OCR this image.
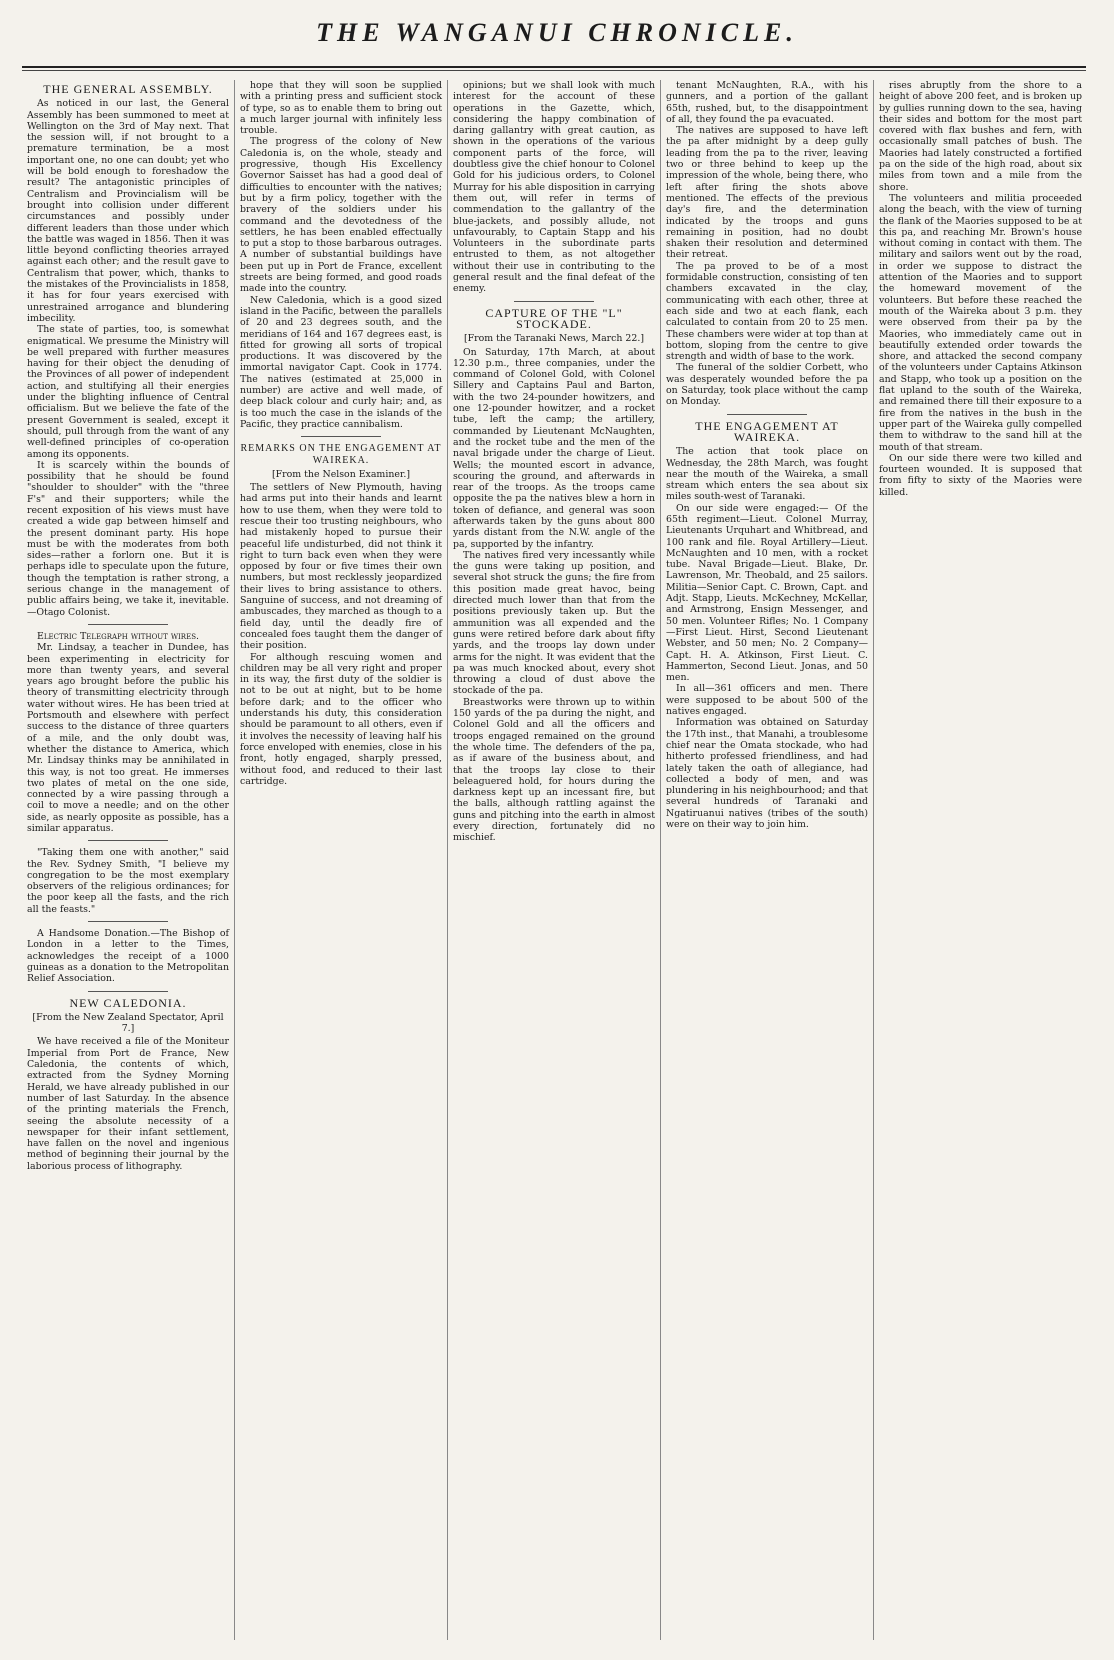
THE WANGANUI CHRONICLE.
THE GENERAL ASSEMBLY.

As noticed in our last, the General Assembly has been summoned to meet at Wellington on the 3rd of May next. That the session will, if not brought to a premature termination, be a most important one, no one can doubt; yet who will be bold enough to foreshadow the result? The antagonistic principles of Centralism and Provincialism will be brought into collision under different circumstances and possibly under different leaders than those under which the battle was waged in 1856. Then it was little beyond conflicting theories arrayed against each other; and the result gave to Centralism that power, which, thanks to the mistakes of the Provincialists in 1858, it has for four years exercised with unrestrained arrogance and blundering imbecility.

The state of parties, too, is somewhat enigmatical. We presume the Ministry will be well prepared with further measures having for their object the denuding of the Provinces of all power of independent action, and stultifying all their energies under the blighting influence of Central officialism. But we believe the fate of the present Government is sealed, except it should, pull through from the want of any well-defined principles of co-operation among its opponents.

It is scarcely within the bounds of possibility that he should be found "shoulder to shoulder" with the "three F's" and their supporters; while the recent exposition of his views must have created a wide gap between himself and the present dominant party. His hope must be with the moderates from both sides—rather a forlorn one. But it is perhaps idle to speculate upon the future, though the temptation is rather strong, a serious change in the management of public affairs being, we take it, inevitable.—Otago Colonist.

Electric Telegraph without wires.

Mr. Lindsay, a teacher in Dundee, has been experimenting in electricity for more than twenty years, and several years ago brought before the public his theory of transmitting electricity through water without wires. He has been tried at Portsmouth and elsewhere with perfect success to the distance of three quarters of a mile, and the only doubt was, whether the distance to America, which Mr. Lindsay thinks may be annihilated in this way, is not too great. He immerses two plates of metal on the one side, connected by a wire passing through a coil to move a needle; and on the other side, as nearly opposite as possible, has a similar apparatus.

"Taking them one with another," said the Rev. Sydney Smith, "I believe my congregation to be the most exemplary observers of the religious ordinances; for the poor keep all the fasts, and the rich all the feasts."

A Handsome Donation.—The Bishop of London in a letter to the Times, acknowledges the receipt of a 1000 guineas as a donation to the Metropolitan Relief Association.

NEW CALEDONIA.

[From the New Zealand Spectator, April 7.]

We have received a file of the Moniteur Imperial from Port de France, New Caledonia, the contents of which, extracted from the Sydney Morning Herald, we have already published in our number of last Saturday. In the absence of the printing materials the French, seeing the absolute necessity of a newspaper for their infant settlement, have fallen on the novel and ingenious method of beginning their journal by the laborious process of lithography.

hope that they will soon be supplied with a printing press and sufficient stock of type, so as to enable them to bring out a much larger journal with infinitely less trouble.

The progress of the colony of New Caledonia is, on the whole, steady and progressive, though His Excellency Governor Saisset has had a good deal of difficulties to encounter with the natives; but by a firm policy, together with the bravery of the soldiers under his command and the devotedness of the settlers, he has been enabled effectually to put a stop to those barbarous outrages. A number of substantial buildings have been put up in Port de France, excellent streets are being formed, and good roads made into the country.

New Caledonia, which is a good sized island in the Pacific, between the parallels of 20 and 23 degrees south, and the meridians of 164 and 167 degrees east, is fitted for growing all sorts of tropical productions. It was discovered by the immortal navigator Capt. Cook in 1774. The natives (estimated at 25,000 in number) are active and well made, of deep black colour and curly hair; and, as is too much the case in the islands of the Pacific, they practice cannibalism.

REMARKS ON THE ENGAGEMENT AT WAIREKA.

[From the Nelson Examiner.]

The settlers of New Plymouth, having had arms put into their hands and learnt how to use them, when they were told to rescue their too trusting neighbours, who had mistakenly hoped to pursue their peaceful life undisturbed, did not think it right to turn back even when they were opposed by four or five times their own numbers, but most recklessly jeopardized their lives to bring assistance to others. Sanguine of success, and not dreaming of ambuscades, they marched as though to a field day, until the deadly fire of concealed foes taught them the danger of their position.

For although rescuing women and children may be all very right and proper in its way, the first duty of the soldier is not to be out at night, but to be home before dark; and to the officer who understands his duty, this consideration should be paramount to all others, even if it involves the necessity of leaving half his force enveloped with enemies, close in his front, hotly engaged, sharply pressed, without food, and reduced to their last cartridge.

opinions; but we shall look with much interest for the account of these operations in the Gazette, which, considering the happy combination of daring gallantry with great caution, as shown in the operations of the various component parts of the force, will doubtless give the chief honour to Colonel Gold for his judicious orders, to Colonel Murray for his able disposition in carrying them out, will refer in terms of commendation to the gallantry of the blue-jackets, and possibly allude, not unfavourably, to Captain Stapp and his Volunteers in the subordinate parts entrusted to them, as not altogether without their use in contributing to the general result and the final defeat of the enemy.

CAPTURE OF THE "L" STOCKADE.

[From the Taranaki News, March 22.]

On Saturday, 17th March, at about 12.30 p.m., three companies, under the command of Colonel Gold, with Colonel Sillery and Captains Paul and Barton, with the two 24-pounder howitzers, and one 12-pounder howitzer, and a rocket tube, left the camp; the artillery, commanded by Lieutenant McNaughten, and the rocket tube and the men of the naval brigade under the charge of Lieut. Wells; the mounted escort in advance, scouring the ground, and afterwards in rear of the troops. As the troops came opposite the pa the natives blew a horn in token of defiance, and general was soon afterwards taken by the guns about 800 yards distant from the N.W. angle of the pa, supported by the infantry.

The natives fired very incessantly while the guns were taking up position, and several shot struck the guns; the fire from this position made great havoc, being directed much lower than that from the positions previously taken up. But the ammunition was all expended and the guns were retired before dark about fifty yards, and the troops lay down under arms for the night. It was evident that the pa was much knocked about, every shot throwing a cloud of dust above the stockade of the pa.

Breastworks were thrown up to within 150 yards of the pa during the night, and Colonel Gold and all the officers and troops engaged remained on the ground the whole time. The defenders of the pa, as if aware of the business about, and that the troops lay close to their beleaguered hold, for hours during the darkness kept up an incessant fire, but the balls, although rattling against the guns and pitching into the earth in almost every direction, fortunately did no mischief.

tenant McNaughten, R.A., with his gunners, and a portion of the gallant 65th, rushed, but, to the disappointment of all, they found the pa evacuated.

The natives are supposed to have left the pa after midnight by a deep gully leading from the pa to the river, leaving two or three behind to keep up the impression of the whole, being there, who left after firing the shots above mentioned. The effects of the previous day's fire, and the determination indicated by the troops and guns remaining in position, had no doubt shaken their resolution and determined their retreat.

The pa proved to be of a most formidable construction, consisting of ten chambers excavated in the clay, communicating with each other, three at each side and two at each flank, each calculated to contain from 20 to 25 men. These chambers were wider at top than at bottom, sloping from the centre to give strength and width of base to the work.

The funeral of the soldier Corbett, who was desperately wounded before the pa on Saturday, took place without the camp on Monday.

THE ENGAGEMENT AT WAIREKA.

The action that took place on Wednesday, the 28th March, was fought near the mouth of the Waireka, a small stream which enters the sea about six miles south-west of Taranaki.

On our side were engaged:— Of the 65th regiment—Lieut. Colonel Murray, Lieutenants Urquhart and Whitbread, and 100 rank and file. Royal Artillery—Lieut. McNaughten and 10 men, with a rocket tube. Naval Brigade—Lieut. Blake, Dr. Lawrenson, Mr. Theobald, and 25 sailors. Militia—Senior Capt. C. Brown, Capt. and Adjt. Stapp, Lieuts. McKechney, McKellar, and Armstrong, Ensign Messenger, and 50 men. Volunteer Rifles; No. 1 Company—First Lieut. Hirst, Second Lieutenant Webster, and 50 men; No. 2 Company—Capt. H. A. Atkinson, First Lieut. C. Hammerton, Second Lieut. Jonas, and 50 men.

In all—361 officers and men. There were supposed to be about 500 of the natives engaged.

Information was obtained on Saturday the 17th inst., that Manahi, a troublesome chief near the Omata stockade, who had hitherto professed friendliness, and had lately taken the oath of allegiance, had collected a body of men, and was plundering in his neighbourhood; and that several hundreds of Taranaki and Ngatiruanui natives (tribes of the south) were on their way to join him.

rises abruptly from the shore to a height of above 200 feet, and is broken up by gullies running down to the sea, having their sides and bottom for the most part covered with flax bushes and fern, with occasionally small patches of bush. The Maories had lately constructed a fortified pa on the side of the high road, about six miles from town and a mile from the shore.

The volunteers and militia proceeded along the beach, with the view of turning the flank of the Maories supposed to be at this pa, and reaching Mr. Brown's house without coming in contact with them. The military and sailors went out by the road, in order we suppose to distract the attention of the Maories and to support the homeward movement of the volunteers. But before these reached the mouth of the Waireka about 3 p.m. they were observed from their pa by the Maories, who immediately came out in beautifully extended order towards the shore, and attacked the second company of the volunteers under Captains Atkinson and Stapp, who took up a position on the flat upland to the south of the Waireka, and remained there till their exposure to a fire from the natives in the bush in the upper part of the Waireka gully compelled them to withdraw to the sand hill at the mouth of that stream.

On our side there were two killed and fourteen wounded. It is supposed that from fifty to sixty of the Maories were killed.
